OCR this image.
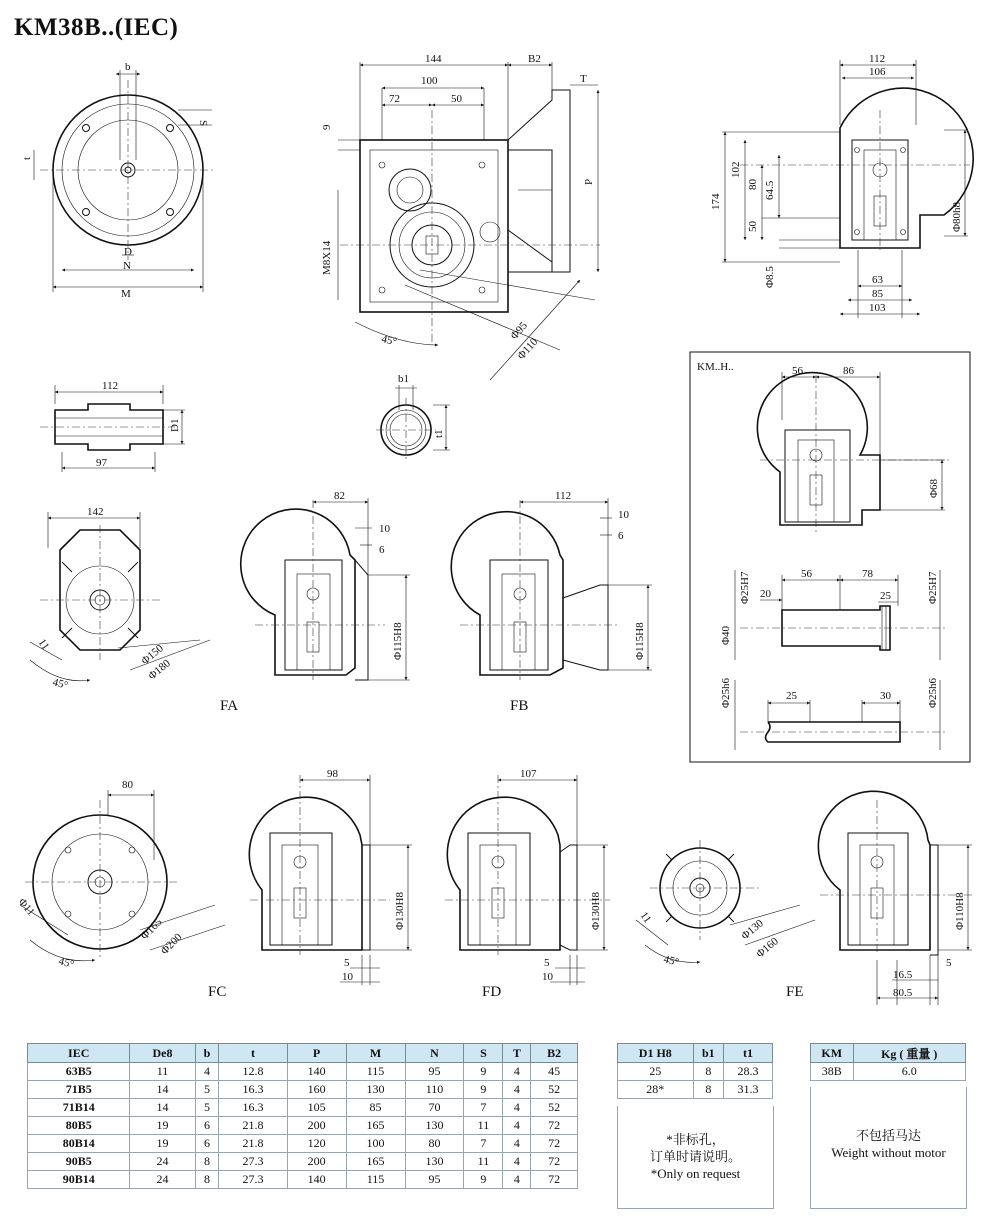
KM38B..(IEC)
b
S
t
D
N
M
144
100
72	50
B2
T
P
9
M8X14
45°	Φ95
Φ110
112
106
174
102
80 64.5
50
Φ8.5	63
85
103
Φ80h8
112
97
D1
b1
t1
142
11
45°
Φ150
Φ180
82
10
6
Φ115H8
FA
112
10
6
Φ115H8
FB
KM..H..	56	86
Φ68
56	78
20	25
Φ25H7
Φ40
Φ25H7
25	30
Φ25h6	Φ25h6
80
Φ11
45°
Φ165
Φ200
98
Φ130H8
5
10
FC
107
Φ130H8
5
10
FD
11
45°
Φ130
Φ160
Φ110H8
5
16.5
80.5
FE
IEC	De8	b	t	P	M	N	S	T	B2
63B5	11	4	12.8	140	115	95	9	4	45
71B5	14	5	16.3	160	130	110	9	4	52
71B14	14	5	16.3	105	85	70	7	4	52
80B5	19	6	21.8	200	165	130	11	4	72
80B14	19	6	21.8	120	100	80	7	4	72
90B5	24	8	27.3	200	165	130	11	4	72
90B14	24	8	27.3	140	115	95	9	4	72
D1 H8	b1	t1
25	8	28.3
28*	8	31.3
*非标孔，
订单时请说明。
*Only on request
KM	Kg ( 重量 )
38B	6.0
不包括马达
Weight without motor
